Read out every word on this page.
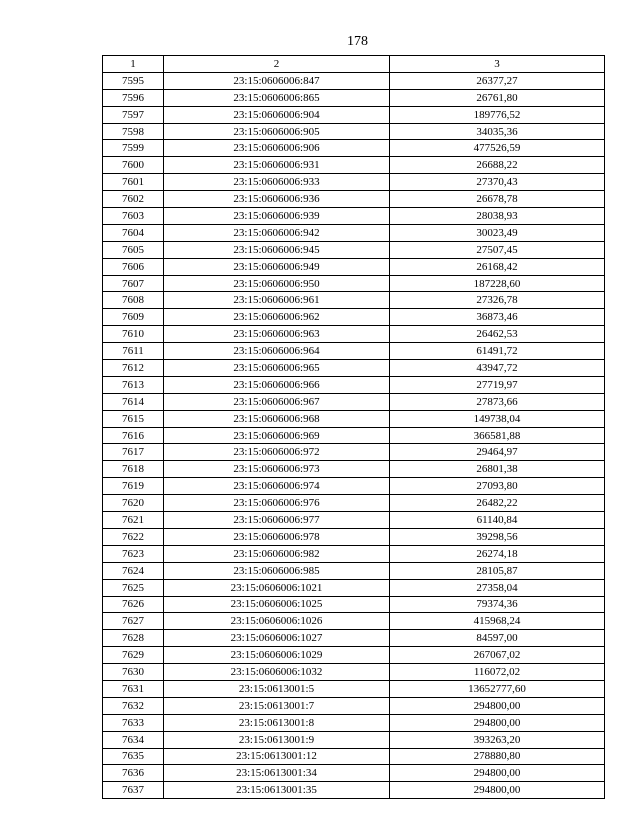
178
1	2	3
7595	23:15:0606006:847	26377,27
7596	23:15:0606006:865	26761,80
7597	23:15:0606006:904	189776,52
7598	23:15:0606006:905	34035,36
7599	23:15:0606006:906	477526,59
7600	23:15:0606006:931	26688,22
7601	23:15:0606006:933	27370,43
7602	23:15:0606006:936	26678,78
7603	23:15:0606006:939	28038,93
7604	23:15:0606006:942	30023,49
7605	23:15:0606006:945	27507,45
7606	23:15:0606006:949	26168,42
7607	23:15:0606006:950	187228,60
7608	23:15:0606006:961	27326,78
7609	23:15:0606006:962	36873,46
7610	23:15:0606006:963	26462,53
7611	23:15:0606006:964	61491,72
7612	23:15:0606006:965	43947,72
7613	23:15:0606006:966	27719,97
7614	23:15:0606006:967	27873,66
7615	23:15:0606006:968	149738,04
7616	23:15:0606006:969	366581,88
7617	23:15:0606006:972	29464,97
7618	23:15:0606006:973	26801,38
7619	23:15:0606006:974	27093,80
7620	23:15:0606006:976	26482,22
7621	23:15:0606006:977	61140,84
7622	23:15:0606006:978	39298,56
7623	23:15:0606006:982	26274,18
7624	23:15:0606006:985	28105,87
7625	23:15:0606006:1021	27358,04
7626	23:15:0606006:1025	79374,36
7627	23:15:0606006:1026	415968,24
7628	23:15:0606006:1027	84597,00
7629	23:15:0606006:1029	267067,02
7630	23:15:0606006:1032	116072,02
7631	23:15:0613001:5	13652777,60
7632	23:15:0613001:7	294800,00
7633	23:15:0613001:8	294800,00
7634	23:15:0613001:9	393263,20
7635	23:15:0613001:12	278880,80
7636	23:15:0613001:34	294800,00
7637	23:15:0613001:35	294800,00
